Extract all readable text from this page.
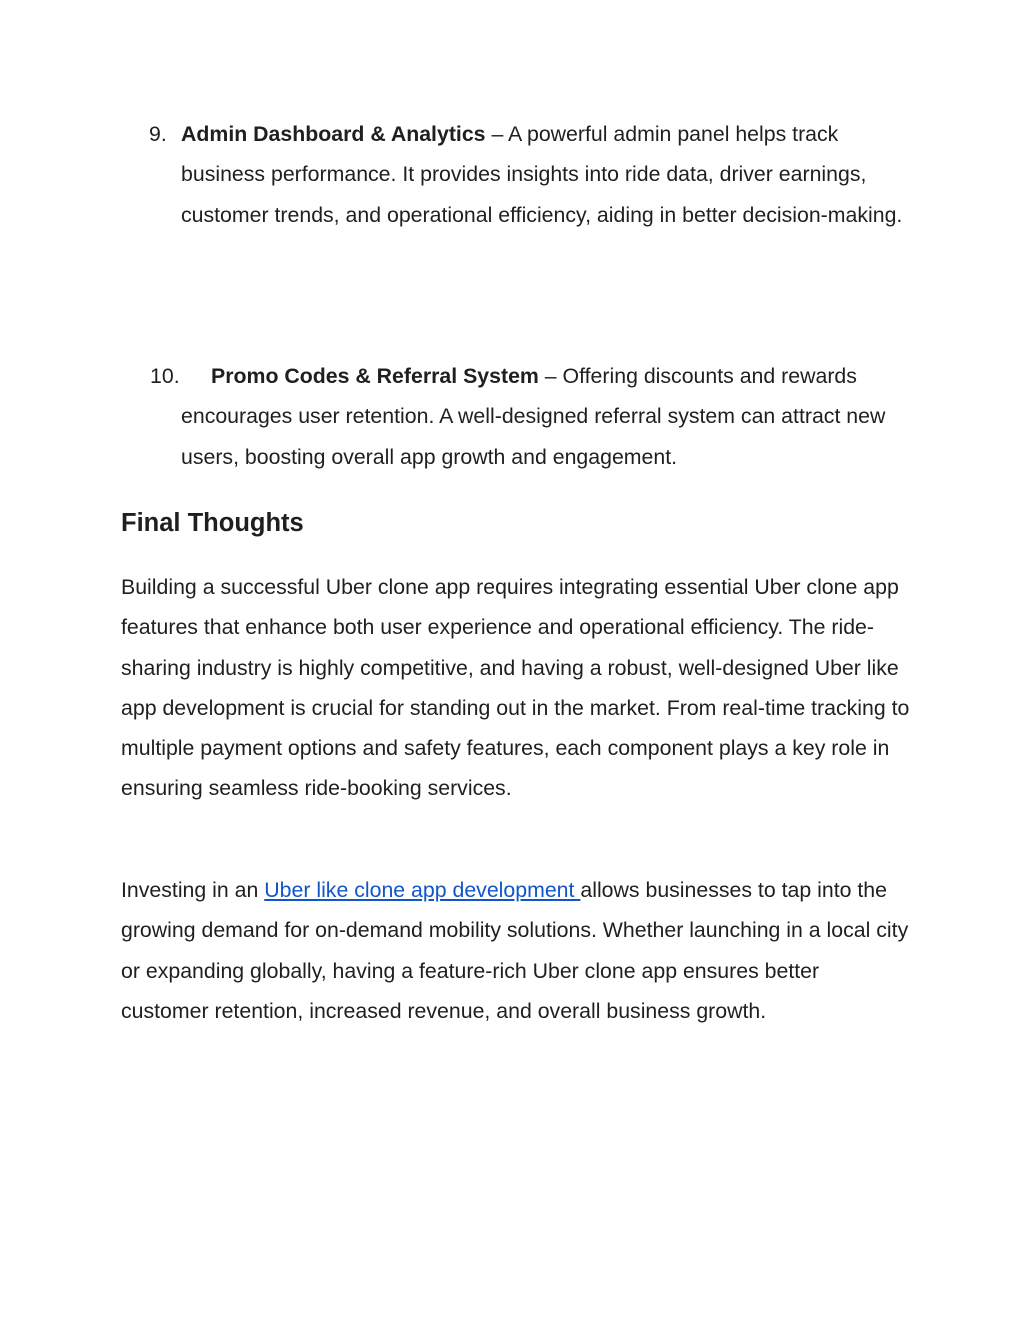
9. Admin Dashboard & Analytics – A powerful admin panel helps track business performance. It provides insights into ride data, driver earnings, customer trends, and operational efficiency, aiding in better decision-making.
10.	Promo Codes & Referral System – Offering discounts and rewards encourages user retention. A well-designed referral system can attract new users, boosting overall app growth and engagement.
Final Thoughts

Building a successful Uber clone app requires integrating essential Uber clone app features that enhance both user experience and operational efficiency. The ride-sharing industry is highly competitive, and having a robust, well-designed Uber like app development is crucial for standing out in the market. From real-time tracking to multiple payment options and safety features, each component plays a key role in ensuring seamless ride-booking services.

Investing in an Uber like clone app development allows businesses to tap into the growing demand for on-demand mobility solutions. Whether launching in a local city or expanding globally, having a feature-rich Uber clone app ensures better customer retention, increased revenue, and overall business growth.
